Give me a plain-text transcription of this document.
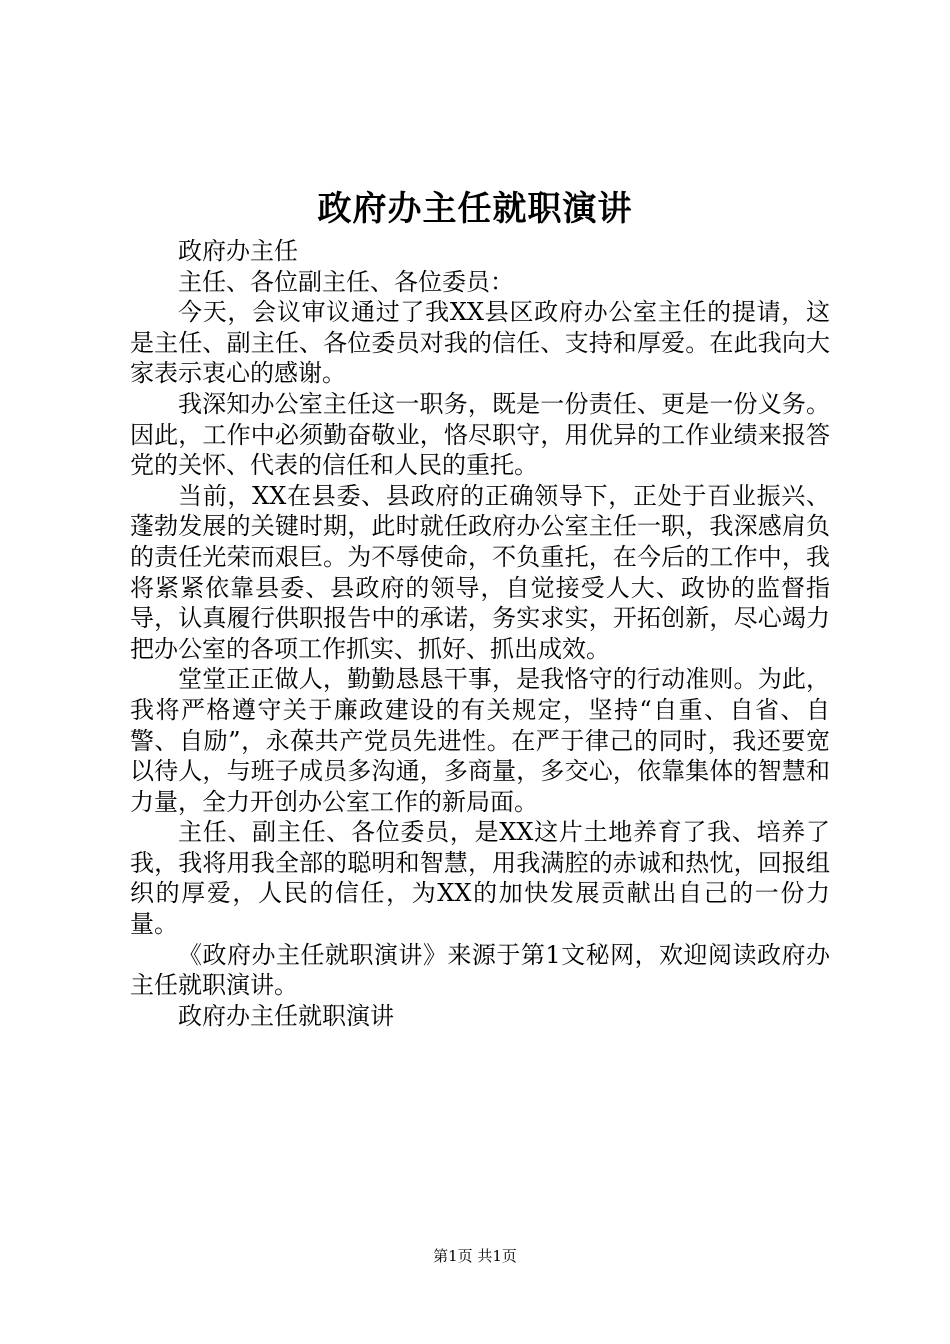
政府办主任就职演讲

政府办主任

主任、各位副主任、各位委员：

今天，会议审议通过了我XX县区政府办公室主任的提请，这是主任、副主任、各位委员对我的信任、支持和厚爱。在此我向大家表示衷心的感谢。

我深知办公室主任这一职务，既是一份责任、更是一份义务。因此，工作中必须勤奋敬业，恪尽职守，用优异的工作业绩来报答党的关怀、代表的信任和人民的重托。

当前，XX在县委、县政府的正确领导下，正处于百业振兴、蓬勃发展的关键时期，此时就任政府办公室主任一职，我深感肩负的责任光荣而艰巨。为不辱使命，不负重托，在今后的工作中，我将紧紧依靠县委、县政府的领导，自觉接受人大、政协的监督指导，认真履行供职报告中的承诺，务实求实，开拓创新，尽心竭力把办公室的各项工作抓实、抓好、抓出成效。

堂堂正正做人，勤勤恳恳干事，是我恪守的行动准则。为此，我将严格遵守关于廉政建设的有关规定，坚持“自重、自省、自警、自励”，永葆共产党员先进性。在严于律己的同时，我还要宽以待人，与班子成员多沟通，多商量，多交心，依靠集体的智慧和力量，全力开创办公室工作的新局面。

主任、副主任、各位委员，是XX这片土地养育了我、培养了我，我将用我全部的聪明和智慧，用我满腔的赤诚和热忱，回报组织的厚爱，人民的信任，为XX的加快发展贡献出自己的一份力量。

《政府办主任就职演讲》来源于第1文秘网，欢迎阅读政府办主任就职演讲。

政府办主任就职演讲

第1页 共1页
